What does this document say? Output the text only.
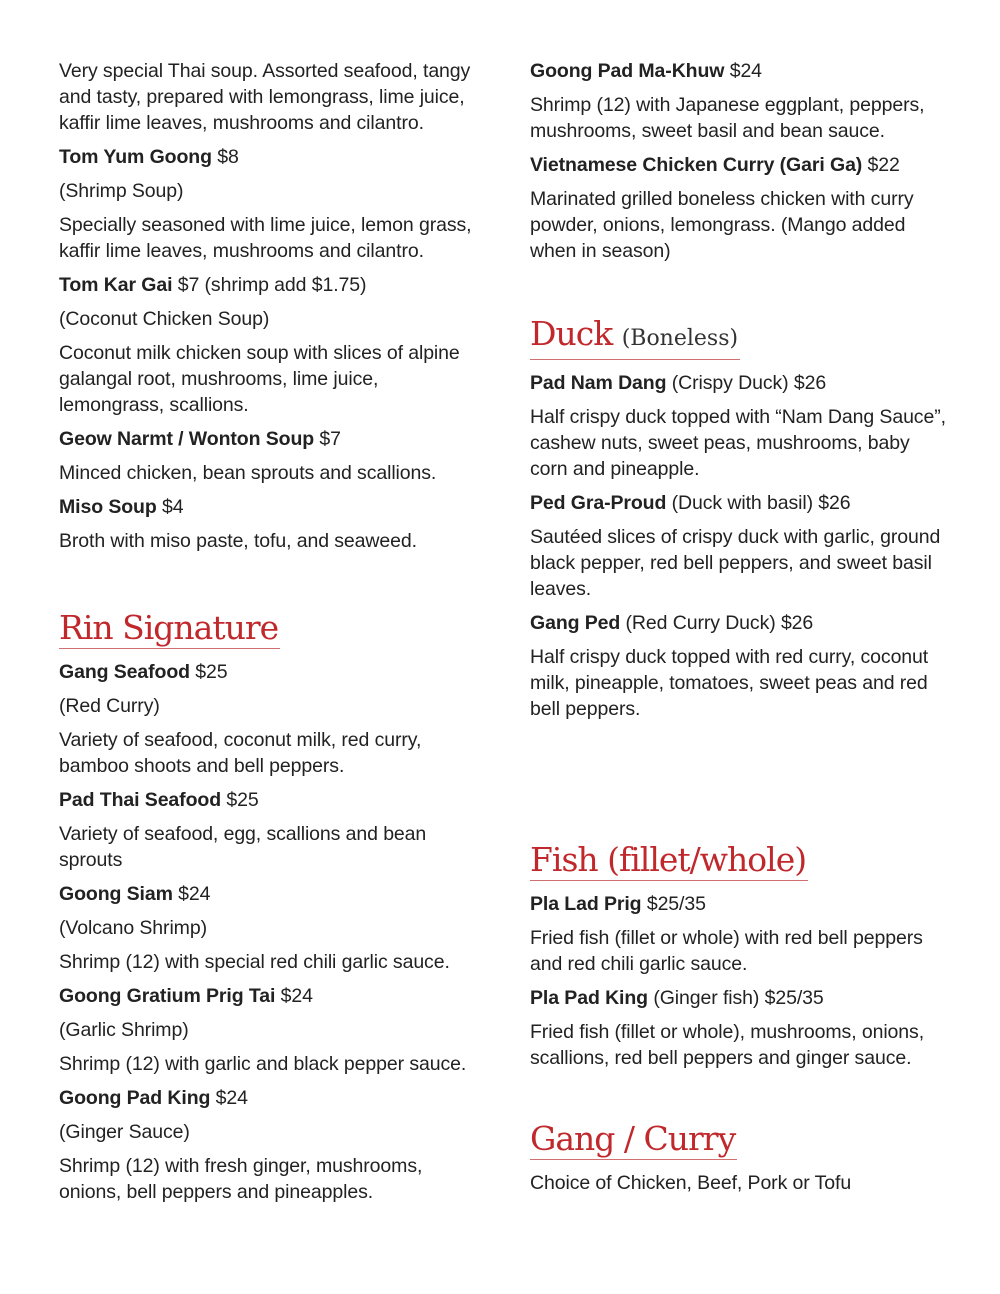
Very special Thai soup. Assorted seafood, tangy and tasty, prepared with lemongrass, lime juice, kaffir lime leaves, mushrooms and cilantro.

Tom Yum Goong $8

(Shrimp Soup)

Specially seasoned with lime juice, lemon grass, kaffir lime leaves, mushrooms and cilantro.

Tom Kar Gai $7 (shrimp add $1.75)

(Coconut Chicken Soup)

Coconut milk chicken soup with slices of alpine galangal root, mushrooms, lime juice, lemongrass, scallions.

Geow Narmt / Wonton Soup $7

Minced chicken, bean sprouts and scallions.

Miso Soup $4

Broth with miso paste, tofu, and seaweed.

Rin Signature

Gang Seafood $25

(Red Curry)

Variety of seafood, coconut milk, red curry, bamboo shoots and bell peppers.

Pad Thai Seafood $25

Variety of seafood, egg, scallions and bean sprouts

Goong Siam $24

(Volcano Shrimp)

Shrimp (12) with special red chili garlic sauce.

Goong Gratium Prig Tai $24

(Garlic Shrimp)

Shrimp (12) with garlic and black pepper sauce.

Goong Pad King $24

(Ginger Sauce)

Shrimp (12) with fresh ginger, mushrooms, onions, bell peppers and pineapples.

Goong Pad Ma-Khuw $24

Shrimp (12) with Japanese eggplant, peppers, mushrooms, sweet basil and bean sauce.

Vietnamese Chicken Curry (Gari Ga) $22

Marinated grilled boneless chicken with curry powder, onions, lemongrass. (Mango added when in season)

Duck (Boneless)

Pad Nam Dang (Crispy Duck) $26

Half crispy duck topped with “Nam Dang Sauce”, cashew nuts, sweet peas, mushrooms, baby corn and pineapple.

Ped Gra-Proud (Duck with basil) $26

Sautéed slices of crispy duck with garlic, ground black pepper, red bell peppers, and sweet basil leaves.

Gang Ped (Red Curry Duck) $26

Half crispy duck topped with red curry, coconut milk, pineapple, tomatoes, sweet peas and red bell peppers.

Fish (fillet/whole)

Pla Lad Prig $25/35

Fried fish (fillet or whole) with red bell peppers and red chili garlic sauce.

Pla Pad King (Ginger fish) $25/35

Fried fish (fillet or whole), mushrooms, onions, scallions, red bell peppers and ginger sauce.

Gang / Curry

Choice of Chicken, Beef, Pork or Tofu
